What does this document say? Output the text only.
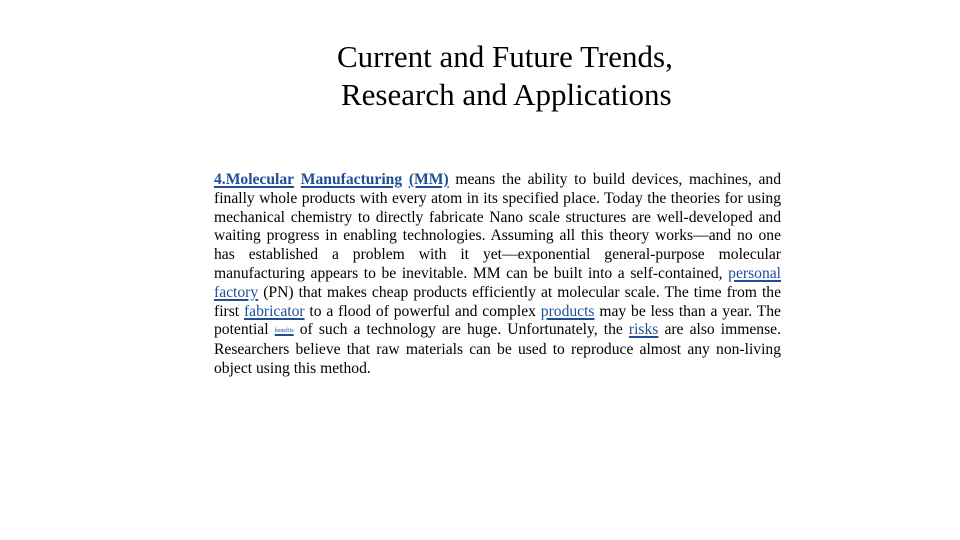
Current and Future Trends,
Research and Applications

4.Molecular Manufacturing (MM) means the ability to build devices, machines, and finally whole products with every atom in its specified place. Today the theories for using mechanical chemistry to directly fabricate Nano scale structures are well-developed and waiting progress in enabling technologies. Assuming all this theory works—and no one has established a problem with it yet—exponential general-purpose molecular manufacturing appears to be inevitable. MM can be built into a self-contained, personal factory (PN) that makes cheap products efficiently at molecular scale. The time from the first fabricator to a flood of powerful and complex products may be less than a year. The potential benefits of such a technology are huge. Unfortunately, the risks are also immense. Researchers believe that raw materials can be used to reproduce almost any non-living object using this method.
